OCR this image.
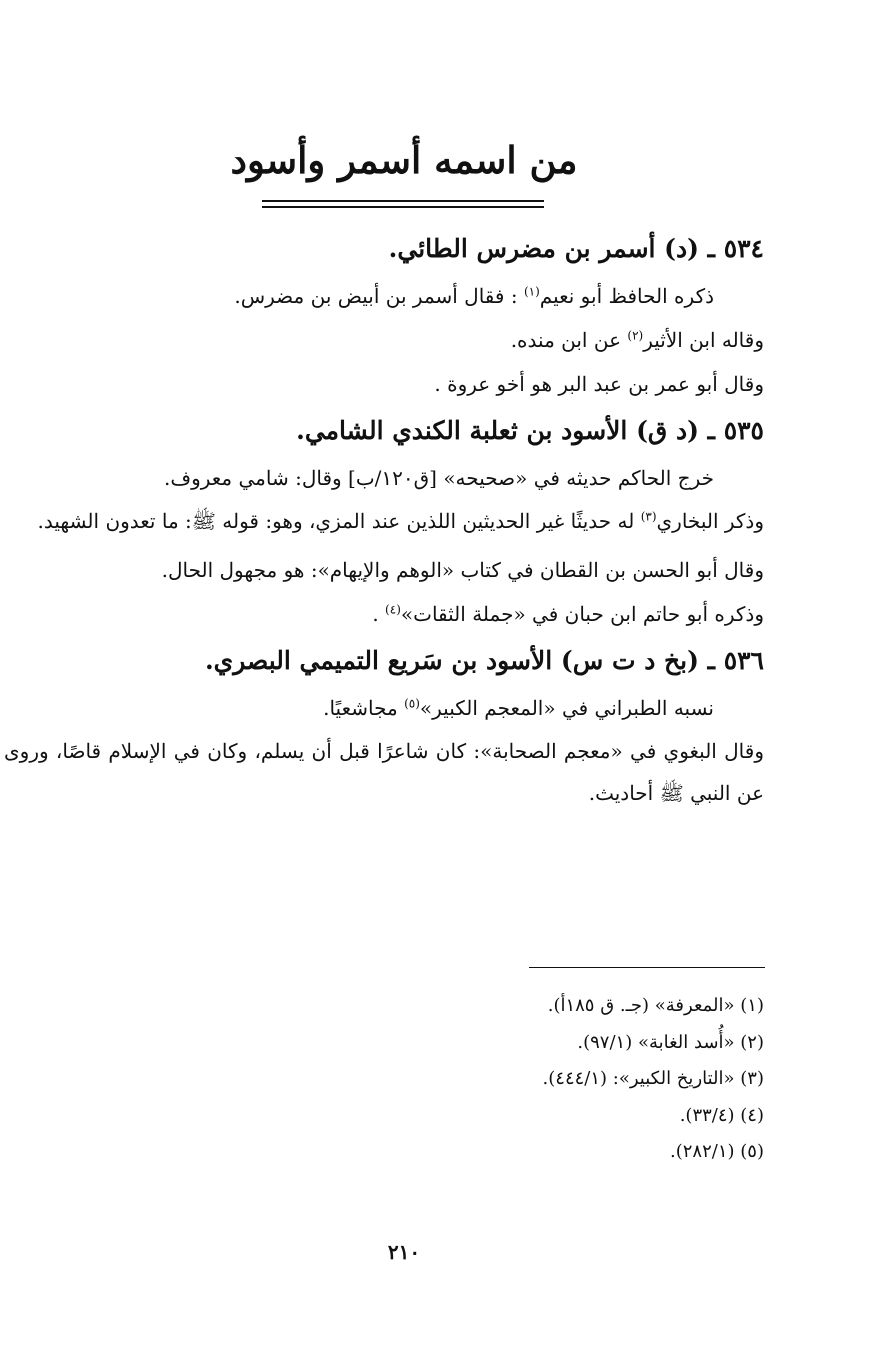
من اسمه أسمر وأسود

٥٣٤ ـ (د) أسمر بن مضرس الطائي.

ذكره الحافظ أبو نعيم$^{(١)}$ : فقال أسمر بن أبيض بن مضرس.

وقاله ابن الأثير$^{(٢)}$ عن ابن منده.

وقال أبو عمر بن عبد البر هو أخو عروة .

٥٣٥ ـ (د ق) الأسود بن ثعلبة الكندي الشامي.

خرج الحاكم حديثه في «صحيحه» [ق١٢٠/ب] وقال: شامي معروف.

وذكر البخاري$^{(٣)}$ له حديثًا غير الحديثين اللذين عند المزي، وهو: قوله ﷺ: ما تعدون الشهيد.

وقال أبو الحسن بن القطان في كتاب «الوهم والإيهام»: هو مجهول الحال.

وذكره أبو حاتم ابن حبان في «جملة الثقات»$^{(٤)}$ .

٥٣٦ ـ (بخ د ت س) الأسود بن سَريع التميمي البصري.

نسبه الطبراني في «المعجم الكبير»$^{(٥)}$ مجاشعيًا.

وقال البغوي في «معجم الصحابة»: كان شاعرًا قبل أن يسلم، وكان في الإسلام قاصًا، وروى عن النبي ﷺ أحاديث.

(١) «المعرفة» (جـ. ق ١٨٥أ).

(٢) «أُسد الغابة» (٩٧/١).

(٣) «التاريخ الكبير»: (٤٤٤/١).

(٤) (٣٣/٤).

(٥) (٢٨٢/١).

٢١٠
